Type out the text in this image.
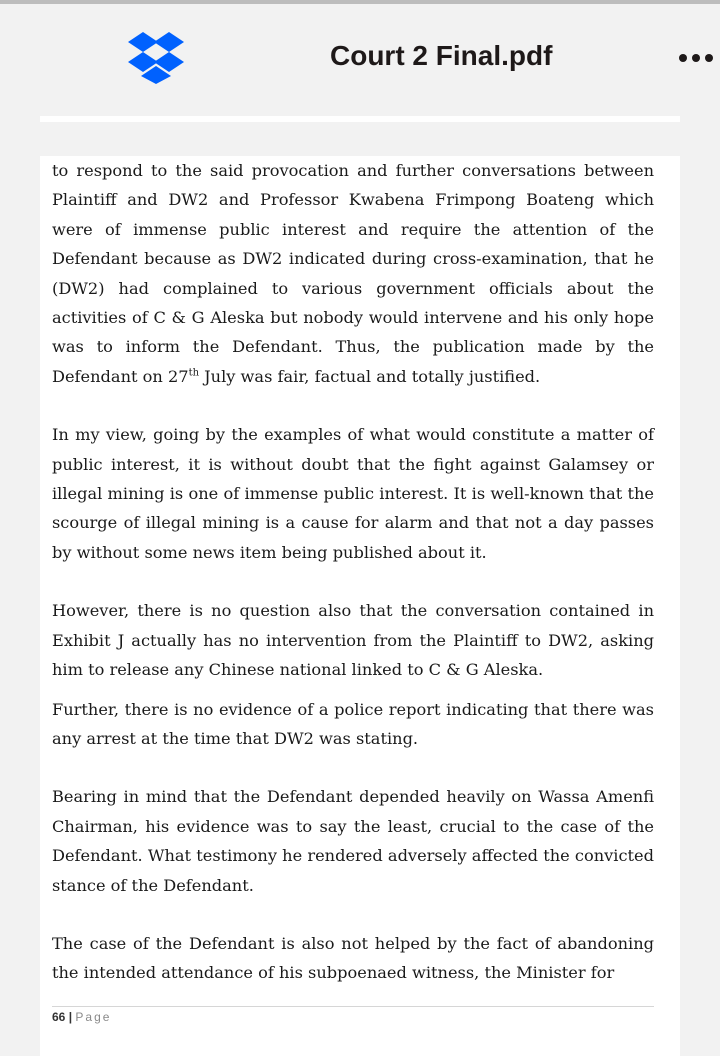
Court 2 Final.pdf

to respond to the said provocation and further conversations between Plaintiff and DW2 and Professor Kwabena Frimpong Boateng which were of immense public interest and require the attention of the Defendant because as DW2 indicated during cross-examination, that he (DW2) had complained to various government officials about the activities of C & G Aleska but nobody would intervene and his only hope was to inform the Defendant. Thus, the publication made by the Defendant on 27th July was fair, factual and totally justified.

In my view, going by the examples of what would constitute a matter of public interest, it is without doubt that the fight against Galamsey or illegal mining is one of immense public interest. It is well-known that the scourge of illegal mining is a cause for alarm and that not a day passes by without some news item being published about it.

However, there is no question also that the conversation contained in Exhibit J actually has no intervention from the Plaintiff to DW2, asking him to release any Chinese national linked to C & G Aleska.

Further, there is no evidence of a police report indicating that there was any arrest at the time that DW2 was stating.

Bearing in mind that the Defendant depended heavily on Wassa Amenfi Chairman, his evidence was to say the least, crucial to the case of the Defendant. What testimony he rendered adversely affected the convicted stance of the Defendant.

The case of the Defendant is also not helped by the fact of abandoning the intended attendance of his subpoenaed witness, the Minister for

66 | Page
